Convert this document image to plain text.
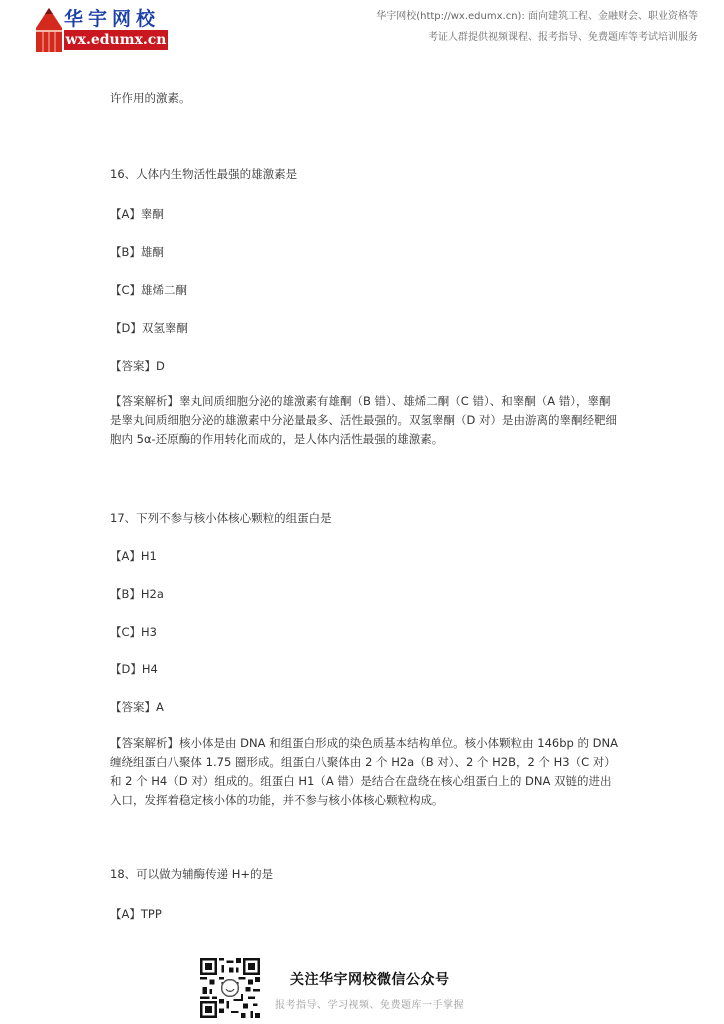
华宇网校
wx.edumx.cn
华宇网校(http://wx.edumx.cn): 面向建筑工程、金融财会、职业资格等
考证人群提供视频课程、报考指导、免费题库等考试培训服务
许作用的激素。
16、人体内生物活性最强的雄激素是
【A】睾酮
【B】雄酮
【C】雄烯二酮
【D】双氢睾酮
【答案】D
【答案解析】睾丸间质细胞分泌的雄激素有雄酮（B 错）、雄烯二酮（C 错）、和睾酮（A 错），睾酮是睾丸间质细胞分泌的雄激素中分泌量最多、活性最强的。双氢睾酮（D 对）是由游离的睾酮经靶细胞内 5α-还原酶的作用转化而成的，是人体内活性最强的雄激素。
17、下列不参与核小体核心颗粒的组蛋白是
【A】H1
【B】H2a
【C】H3
【D】H4
【答案】A
【答案解析】核小体是由 DNA 和组蛋白形成的染色质基本结构单位。核小体颗粒由 146bp 的 DNA 缠绕组蛋白八聚体 1.75 圈形成。组蛋白八聚体由 2 个 H2a（B 对）、2 个 H2B，2 个 H3（C 对）和 2 个 H4（D 对）组成的。组蛋白 H1（A 错）是结合在盘绕在核心组蛋白上的 DNA 双链的进出入口，发挥着稳定核小体的功能，并不参与核小体核心颗粒构成。
18、可以做为辅酶传递 H+的是
【A】TPP
关注华宇网校微信公众号
报考指导、学习视频、免费题库一手掌握
